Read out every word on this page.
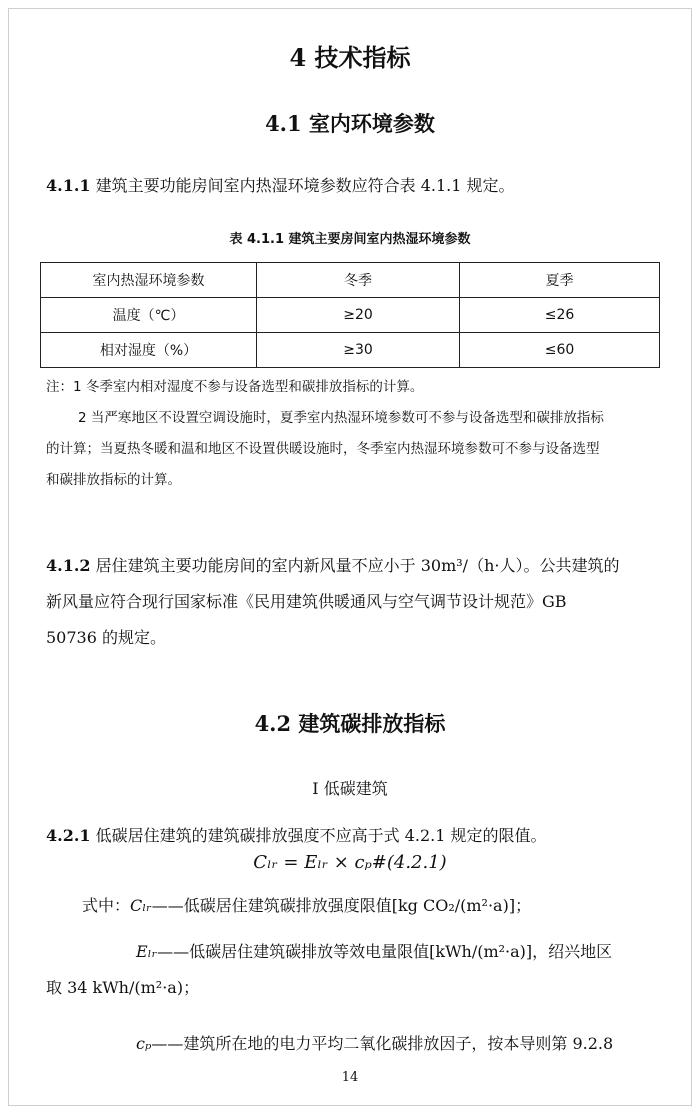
4 技术指标
4.1 室内环境参数
4.1.1 建筑主要功能房间室内热湿环境参数应符合表 4.1.1 规定。
表 4.1.1 建筑主要房间室内热湿环境参数
室内热湿环境参数	冬季	夏季
温度（℃）	≥20	≤26
相对湿度（%）	≥30	≤60
注：1 冬季室内相对湿度不参与设备选型和碳排放指标的计算。
2 当严寒地区不设置空调设施时，夏季室内热湿环境参数可不参与设备选型和碳排放指标
的计算；当夏热冬暖和温和地区不设置供暖设施时，冬季室内热湿环境参数可不参与设备选型
和碳排放指标的计算。
4.1.2 居住建筑主要功能房间的室内新风量不应小于 30m³/（h·人）。公共建筑的
新风量应符合现行国家标准《民用建筑供暖通风与空气调节设计规范》GB
50736 的规定。
4.2 建筑碳排放指标
I 低碳建筑
4.2.1 低碳居住建筑的建筑碳排放强度不应高于式 4.2.1 规定的限值。
Cₗᵣ = Eₗᵣ × cₚ#(4.2.1)
式中：Cₗᵣ——低碳居住建筑碳排放强度限值[kg CO₂/(m²·a)]；
Eₗᵣ——低碳居住建筑碳排放等效电量限值[kWh/(m²·a)]，绍兴地区
取 34 kWh/(m²·a)；
cₚ——建筑所在地的电力平均二氧化碳排放因子，按本导则第 9.2.8
14
